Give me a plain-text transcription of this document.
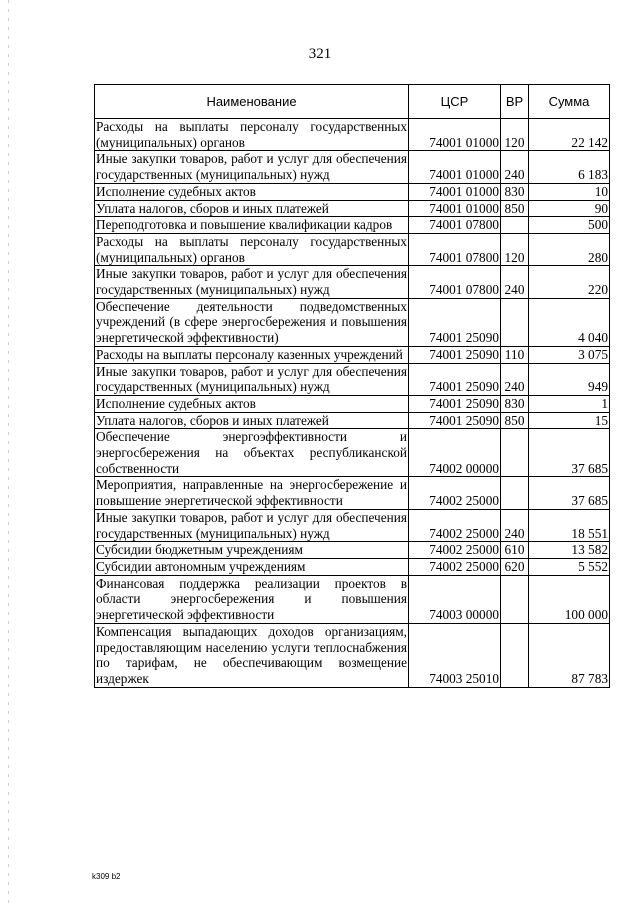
321
Наименование	ЦСР	ВР	Сумма
Расходы на выплаты персоналу государственных (муниципальных) органов	74001 01000	120	22 142
Иные закупки товаров, работ и услуг для обеспечения государственных (муниципальных) нужд	74001 01000	240	6 183
Исполнение судебных актов	74001 01000	830	10
Уплата налогов, сборов и иных платежей	74001 01000	850	90
Переподготовка и повышение квалификации кадров	74001 07800		500
Расходы на выплаты персоналу государственных (муниципальных) органов	74001 07800	120	280
Иные закупки товаров, работ и услуг для обеспечения государственных (муниципальных) нужд	74001 07800	240	220
Обеспечение деятельности подведомственных учреждений (в сфере энергосбережения и повышения энергетической эффективности)	74001 25090		4 040
Расходы на выплаты персоналу казенных учреждений	74001 25090	110	3 075
Иные закупки товаров, работ и услуг для обеспечения государственных (муниципальных) нужд	74001 25090	240	949
Исполнение судебных актов	74001 25090	830	1
Уплата налогов, сборов и иных платежей	74001 25090	850	15
Обеспечение энергоэффективности и энергосбережения на объектах республиканской собственности	74002 00000		37 685
Мероприятия, направленные на энергосбережение и повышение энергетической эффективности	74002 25000		37 685
Иные закупки товаров, работ и услуг для обеспечения государственных (муниципальных) нужд	74002 25000	240	18 551
Субсидии бюджетным учреждениям	74002 25000	610	13 582
Субсидии автономным учреждениям	74002 25000	620	5 552
Финансовая поддержка реализации проектов в области энергосбережения и повышения энергетической эффективности	74003 00000		100 000
Компенсация выпадающих доходов организациям, предоставляющим населению услуги теплоснабжения по тарифам, не обеспечивающим возмещение издержек	74003 25010		87 783
k309 b2
